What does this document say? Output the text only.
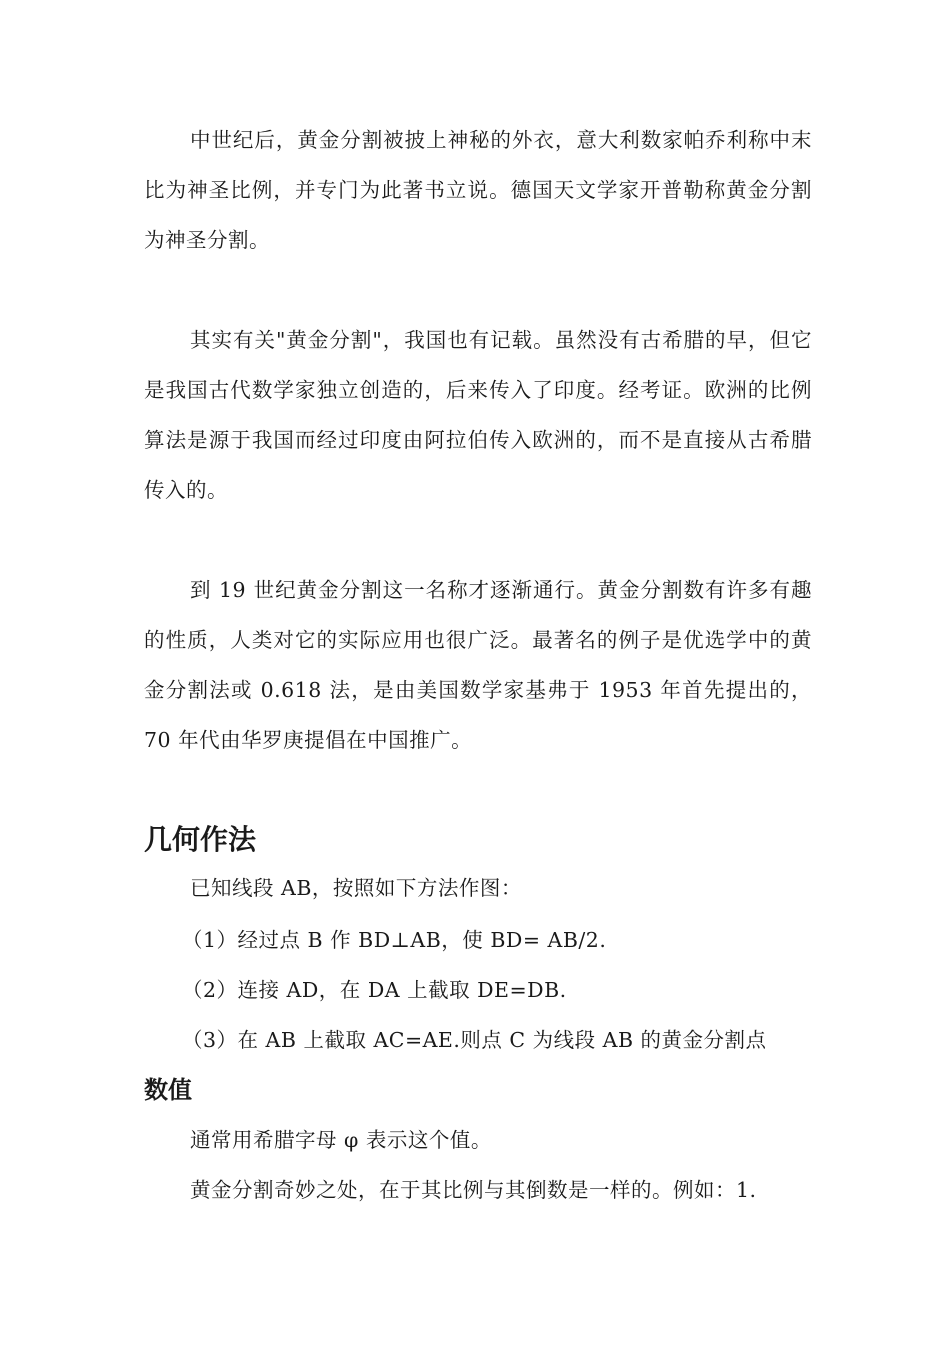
中世纪后，黄金分割被披上神秘的外衣，意大利数家帕乔利称中末比为神圣比例，并专门为此著书立说。德国天文学家开普勒称黄金分割为神圣分割。

其实有关"黄金分割"，我国也有记载。虽然没有古希腊的早，但它是我国古代数学家独立创造的，后来传入了印度。经考证。欧洲的比例算法是源于我国而经过印度由阿拉伯传入欧洲的，而不是直接从古希腊传入的。

到 19 世纪黄金分割这一名称才逐渐通行。黄金分割数有许多有趣的性质，人类对它的实际应用也很广泛。最著名的例子是优选学中的黄金分割法或 0.618 法，是由美国数学家基弗于 1953 年首先提出的，70 年代由华罗庚提倡在中国推广。

几何作法

已知线段 AB，按照如下方法作图：

（1）经过点 B 作 BD⊥AB，使 BD= AB/2.

（2）连接 AD，在 DA 上截取 DE=DB.

（3）在 AB 上截取 AC=AE.则点 C 为线段 AB 的黄金分割点

数值

通常用希腊字母 φ 表示这个值。

黄金分割奇妙之处，在于其比例与其倒数是一样的。例如：1.
